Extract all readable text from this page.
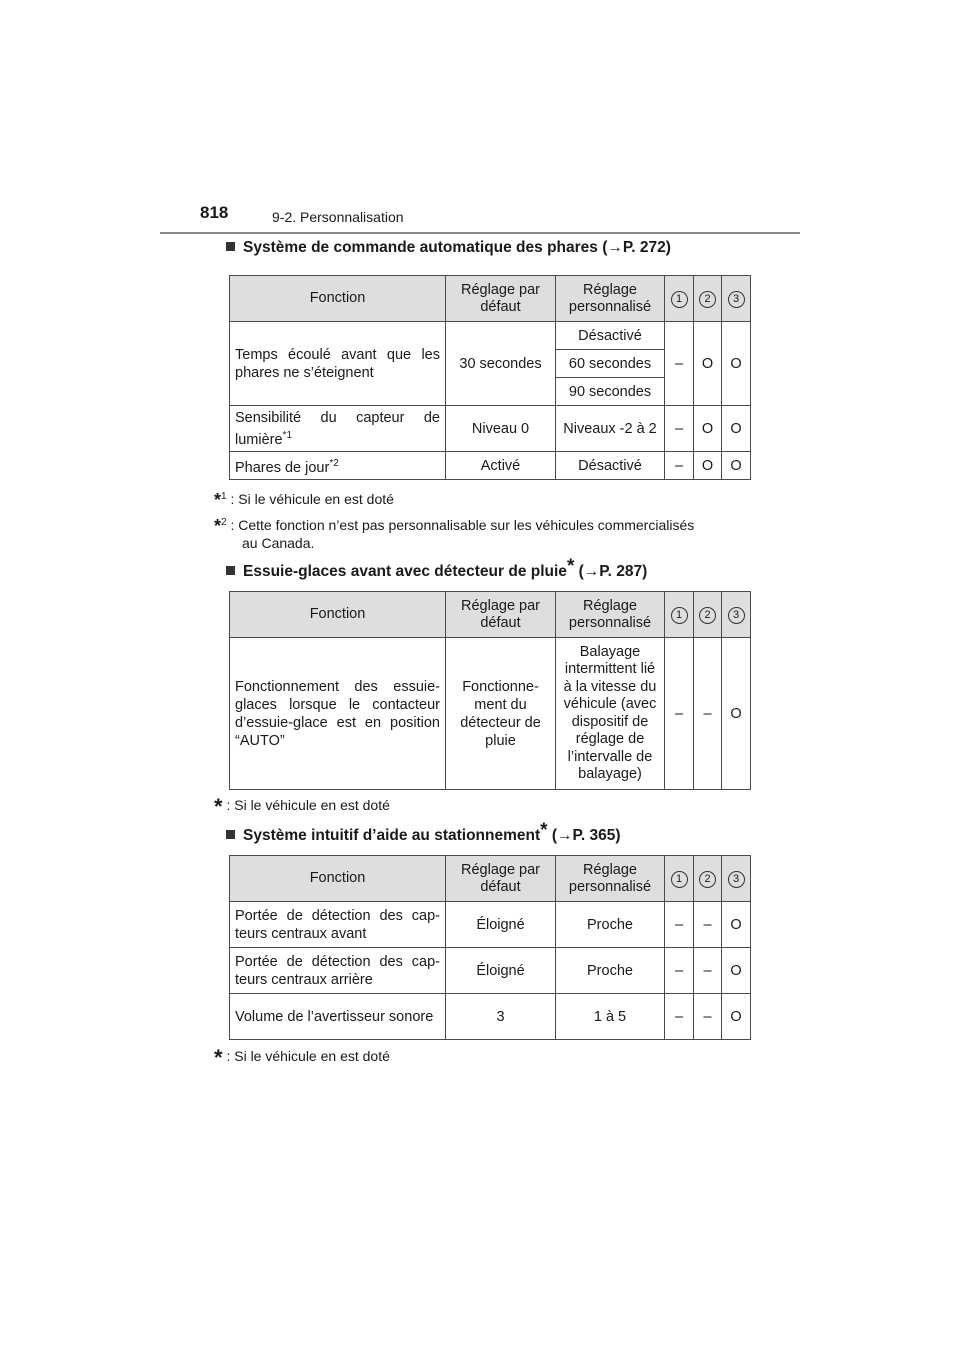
818	9-2. Personnalisation
Système de commande automatique des phares (→P. 272)
Fonction	Réglage par défaut	Réglage personnalisé	1	2	3
Temps écoulé avant que les phares ne s’éteignent	30 secondes	Désactivé	–	O	O
		60 secondes			
		90 secondes			
Sensibilité du capteur de lumière$^{*1}$	Niveau 0	Niveaux -2 à 2	–	O	O
Phares de jour$^{*2}$	Activé	Désactivé	–	O	O
*$^1$ : Si le véhicule en est doté
*$^2$ : Cette fonction n’est pas personnalisable sur les véhicules commercialisés
au Canada.
Essuie-glaces avant avec détecteur de pluie* (→P. 287)
Fonction	Réglage par défaut	Réglage personnalisé	1	2	3
Fonctionnement des essuie-glaces lorsque le contacteur d’essuie-glace est en position “AUTO”	Fonctionne-ment du détecteur de pluie	Balayage intermittent lié à la vitesse du véhicule (avec dispositif de réglage de l’intervalle de balayage)	–	–	O
* : Si le véhicule en est doté
Système intuitif d’aide au stationnement* (→P. 365)
Fonction	Réglage par défaut	Réglage personnalisé	1	2	3
Portée de détection des cap-teurs centraux avant	Éloigné	Proche	–	–	O
Portée de détection des cap-teurs centraux arrière	Éloigné	Proche	–	–	O
Volume de l’avertisseur sonore	3	1 à 5	–	–	O
* : Si le véhicule en est doté
